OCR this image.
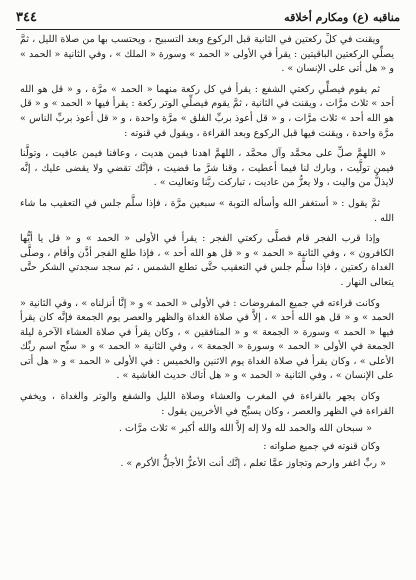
مناقبه (ع) ومكارم أخلاقه
٣٤٤

ويقنت في كلِّ ركعتين في الثانية قبل الركوع وبعد التسبيح ، ويحتسب بها من صلاة الليل ، ثمَّ يصلِّي الركعتين الباقيتين : يقرأ في الأولى « الحمد » وسورة « الملك » ، وفي الثانية « الحمد » و « هل أتى على الإنسان » .

ثم يقوم فيصلِّي ركعتي الشفع : يقرأ في كل ركعة منهما « الحمد » مرَّة ، و « قل هو الله أحد » ثلاث مرَّات ، ويقنت في الثانية ، ثمَّ يقوم فيصلِّي الوتر ركعة : يقرأ فيها « الحمد » و « قل هو الله أحد » ثلاث مرَّات ، و « قل أعوذ بربِّ الفلق » مرَّة واحدة ، و « قل أعوذ بربِّ الناس » مرَّة واحدة ، ويقنت فيها قبل الركوع وبعد القراءة ، ويقول في قنوته :

« اللهمَّ صلِّ على محمَّد وآل محمَّد ، اللهمَّ اهدنا فيمن هديت ، وعافنا فيمن عافيت ، وتولَّنا فيمن تولَّيت ، وبارك لنا فيما أعطيت ، وقنا شرَّ ما قضيت ، فإنَّك تقضي ولا يقضى عليك ، إنَّه لايذلُّ من واليت ، ولا يعزُّ من عاديت ، تباركت ربَّنا وتعاليت » .

ثمَّ يقول : « أستغفر الله وأسأله التوبة » سبعين مرَّة ، فإذا سلَّم جلس في التعقيب ما شاء الله .

وإذا قرب الفجر قام فصلَّى ركعتي الفجر : يقرأ في الأولى « الحمد » و « قل يا أيُّها الكافرون » ، وفي الثانية « الحمد » و « قل هو الله أحد » ، فإذا طلع الفجر أذَّن وأقام ، وصلَّى الغداة ركعتين ، فإذا سلَّم جلس في التعقيب حتَّى تطلع الشمس ، ثم سجد سجدتي الشكر حتَّى يتعالى النهار .

وكانت قراءته في جميع المفروضات : في الأولى « الحمد » و « إنَّا أنزلناه » ، وفي الثانية « الحمد » و « قل هو الله أحد » ، إلاَّ في صلاة الغداة والظهر والعصر يوم الجمعة فإنَّه كان يقرأ فيها « الحمد » وسورة « الجمعة » و « المنافقين » ، وكان يقرأ في صلاة العشاء الآخرة ليلة الجمعة في الأولى « الحمد » وسورة « الجمعة » ، وفي الثانية « الحمد » و « سبِّح اسم ربِّك الأعلى » ، وكان يقرأ في صلاة الغداة يوم الاثنين والخميس : في الأولى « الحمد » و « هل أتى على الإنسان » ، وفي الثانية « الحمد » و « هل أتاك حديث الغاشية » .

وكان يجهر بالقراءة في المغرب والعشاء وصلاة الليل والشفع والوتر والغداة ، ويخفي القراءة في الظهر والعصر ، وكان يسبِّح في الأخريين يقول :

« سبحان الله والحمد لله ولا إله إلاَّ الله والله أكبر » ثلاث مرَّات .

وكان قنوته في جميع صلواته :

« ربِّ اغفر وارحم وتجاوز عمَّا تعلم ، إنَّك أنت الأعزُّ الأجلُّ الأكرم » .
